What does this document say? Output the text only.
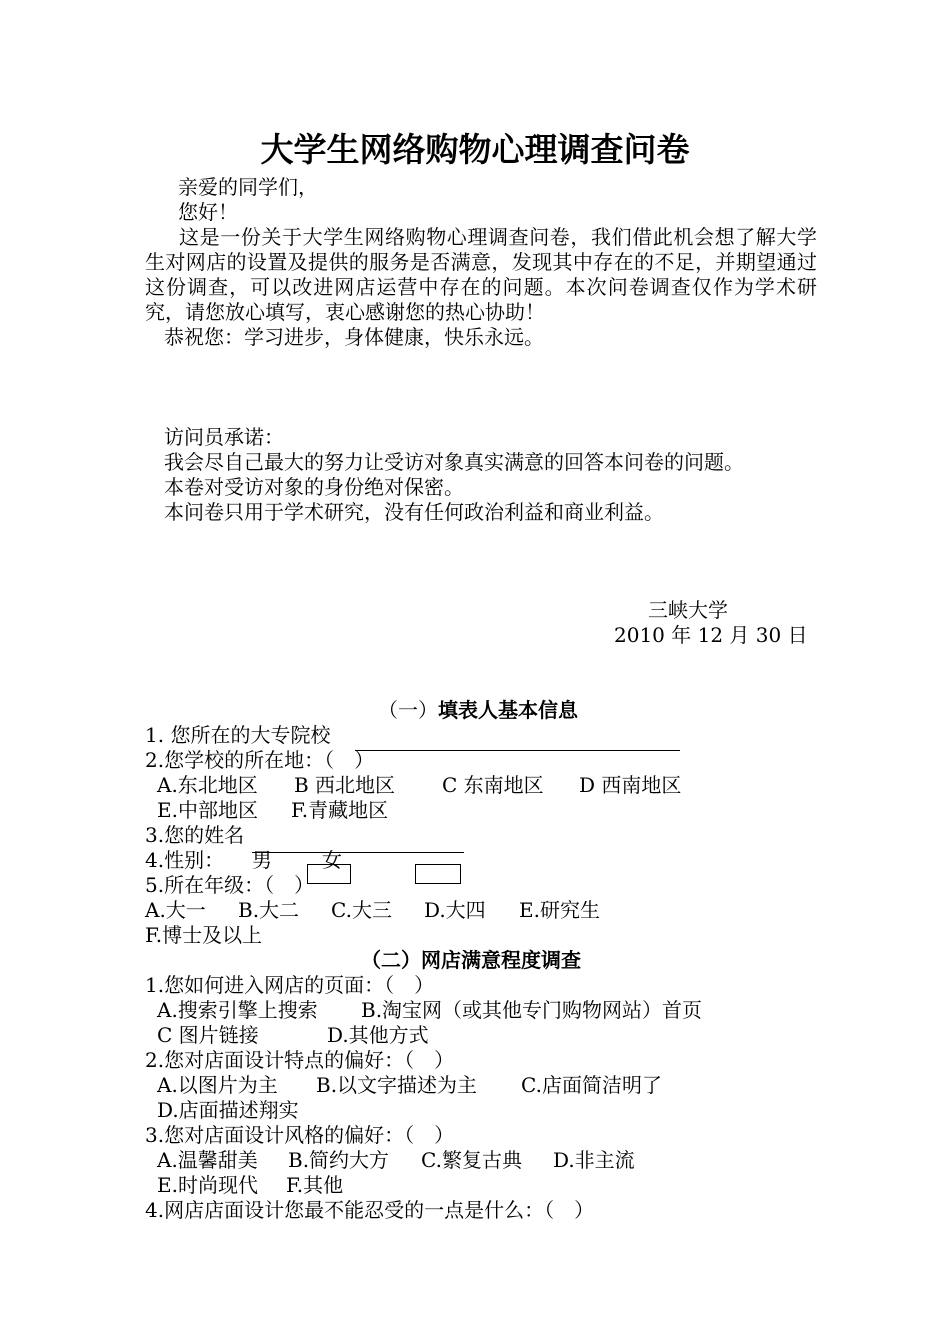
大学生网络购物心理调查问卷
亲爱的同学们，
您好！
这是一份关于大学生网络购物心理调查问卷，我们借此机会想了解大学生对网店的设置及提供的服务是否满意，发现其中存在的不足，并期望通过这份调查，可以改进网店运营中存在的问题。本次问卷调查仅作为学术研究，请您放心填写，衷心感谢您的热心协助！
恭祝您：学习进步，身体健康，快乐永远。
访问员承诺：
我会尽自己最大的努力让受访对象真实满意的回答本问卷的问题。
本卷对受访对象的身份绝对保密。
本问卷只用于学术研究，没有任何政治利益和商业利益。
三峡大学
2010 年 12 月 30 日
（一）填表人基本信息
1. 您所在的大专院校
2.您学校的所在地：（　）
A.东北地区 B 西北地区 C 东南地区 D 西南地区
E.中部地区 F.青藏地区
3.您的姓名
4.性别： 男	女
5.所在年级：（　）
A.大一 B.大二 C.大三 D.大四 E.研究生
F.博士及以上
（二）网店满意程度调查
1.您如何进入网店的页面：（　）
A.搜索引擎上搜索 B.淘宝网（或其他专门购物网站）首页
C 图片链接	D.其他方式
2.您对店面设计特点的偏好：（　）
A.以图片为主 B.以文字描述为主 C.店面简洁明了
D.店面描述翔实
3.您对店面设计风格的偏好：（　）
A.温馨甜美 B.简约大方 C.繁复古典 D.非主流
E.时尚现代 F.其他
4.网店店面设计您最不能忍受的一点是什么：（　）
